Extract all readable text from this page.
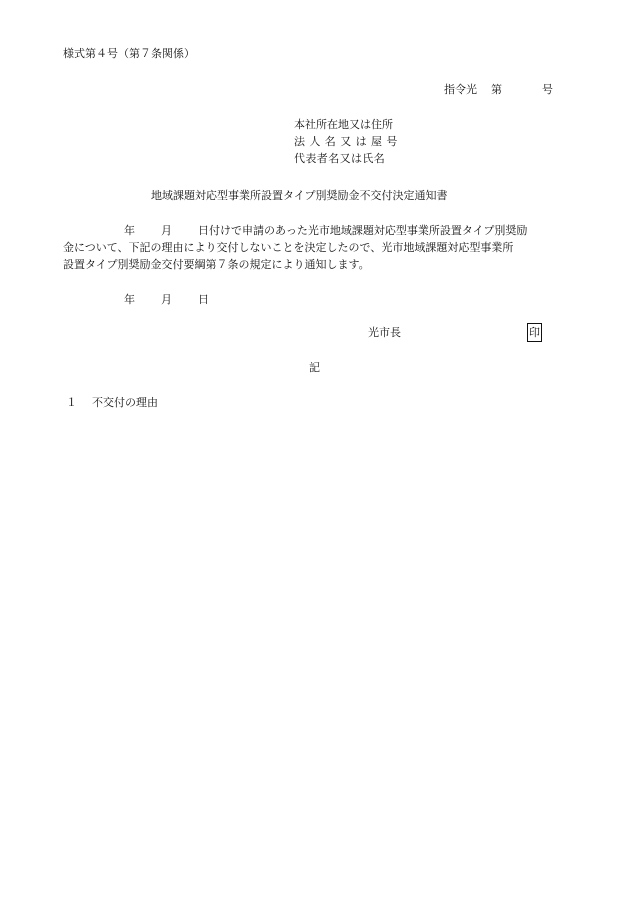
様式第４号（第７条関係）
指令光 第	号
本社所在地又は住所
法人名又は屋号
代表者名又は氏名
地域課題対応型事業所設置タイプ別奨励金不交付決定通知書
年 月 日付けで申請のあった光市地域課題対応型事業所設置タイプ別奨励
金について、下記の理由により交付しないことを決定したので、光市地域課題対応型事業所
設置タイプ別奨励金交付要綱第７条の規定により通知します。
年 月 日
光市長	印
記
１ 不交付の理由
